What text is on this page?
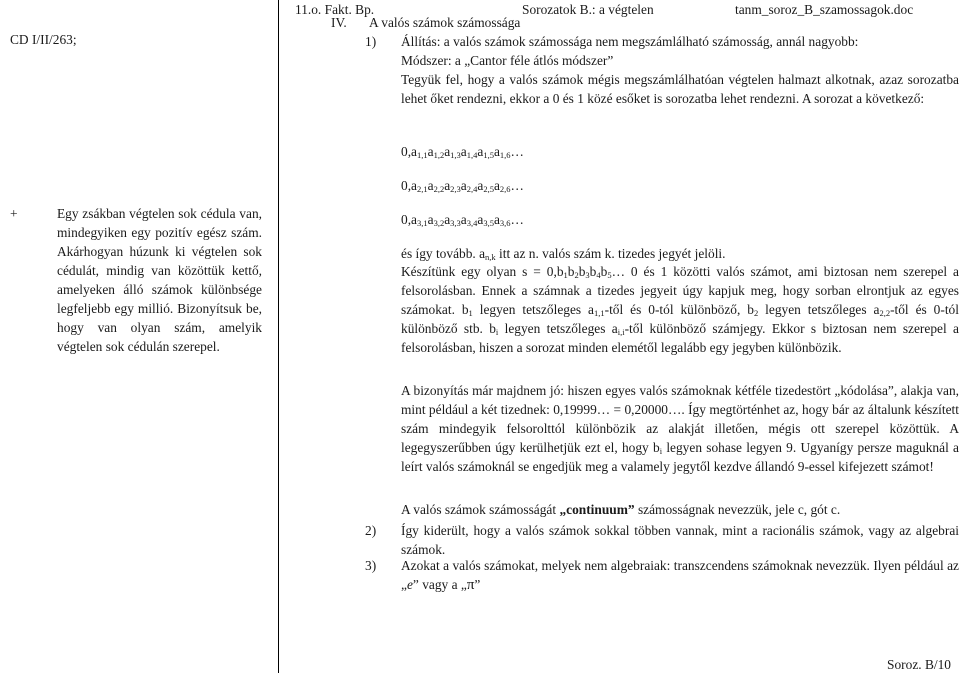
11.o. Fakt. Bp.	Sorozatok B.: a végtelen	tanm_soroz_B_szamossagok.doc
CD I/II/263;
+	Egy zsákban végtelen sok cédula van, mindegyiken egy pozitív egész szám. Akárhogyan húzunk ki végtelen sok cédulát, mindig van közöttük kettő, amelyeken álló számok különbsége legfeljebb egy millió. Bizonyítsuk be, hogy van olyan szám, amelyik végtelen sok cédulán szerepel.
IV. A valós számok számossága
1) Állítás: a valós számok számossága nem megszámlálható számosság, annál nagyobb:
Módszer: a „Cantor féle átlós módszer”
Tegyük fel, hogy a valós számok mégis megszámlálhatóan végtelen halmazt alkotnak, azaz sorozatba lehet őket rendezni, ekkor a 0 és 1 közé esőket is sorozatba lehet rendezni. A sorozat a következő:
$0,a_{1,1}a_{1,2}a_{1,3}a_{1,4}a_{1,5}a_{1,6}\dots$
$0,a_{2,1}a_{2,2}a_{2,3}a_{2,4}a_{2,5}a_{2,6}\dots$
$0,a_{3,1}a_{3,2}a_{3,3}a_{3,4}a_{3,5}a_{3,6}\dots$
és így tovább. $a_{n,k}$ itt az n. valós szám k. tizedes jegyét jelöli.
Készítünk egy olyan $s = 0,b_1b_2b_3b_4b_5\dots$ 0 és 1 közötti valós számot, ami biztosan nem szerepel a felsorolásban. Ennek a számnak a tizedes jegyeit úgy kapjuk meg, hogy sorban elrontjuk az egyes számokat. $b_1$ legyen tetszőleges $a_{1,1}$-től és 0-tól különböző, $b_2$ legyen tetszőleges $a_{2,2}$-től és 0-tól különböző stb. $b_i$ legyen tetszőleges $a_{i,i}$-től különböző számjegy. Ekkor s biztosan nem szerepel a felsorolásban, hiszen a sorozat minden elemétől legalább egy jegyben különbözik.
A bizonyítás már majdnem jó: hiszen egyes valós számoknak kétféle tizedestört „kódolása”, alakja van, mint például a két tizednek: 0,19999… = 0,20000…. Így megtörténhet az, hogy bár az általunk készített szám mindegyik felsorolttól különbözik az alakját illetően, mégis ott szerepel közöttük. A legegyszerűbben úgy kerülhetjük ezt el, hogy $b_i$ legyen sohase legyen 9. Ugyanígy persze maguknál a leírt valós számoknál se engedjük meg a valamely jegytől kezdve állandó 9-essel kifejezett számot!
A valós számok számosságát „continuum” számosságnak nevezzük, jele c, gót c.
2) Így kiderült, hogy a valós számok sokkal többen vannak, mint a racionális számok, vagy az algebrai számok.
3) Azokat a valós számokat, melyek nem algebraiak: transzcendens számoknak nevezzük. Ilyen például az „e” vagy a „π”
Soroz. B/10
